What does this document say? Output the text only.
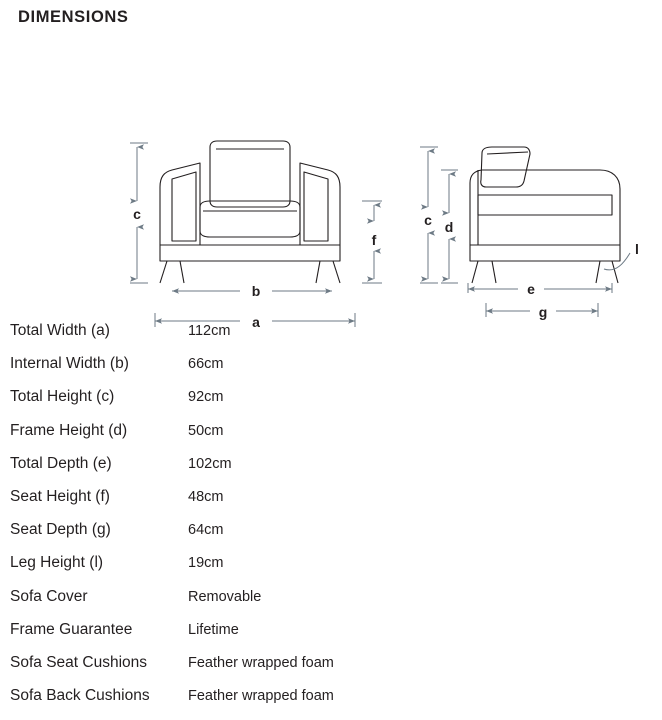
DIMENSIONS
c
f
b
a
c d
l
e
g
Total Width (a)	112cm
Internal Width (b)	66cm
Total Height (c)	92cm
Frame Height (d)	50cm
Total Depth (e)	102cm
Seat Height (f)	48cm
Seat Depth (g)	64cm
Leg Height (l)	19cm
Sofa Cover	Removable
Frame Guarantee	Lifetime
Sofa Seat Cushions	Feather wrapped foam
Sofa Back Cushions	Feather wrapped foam
